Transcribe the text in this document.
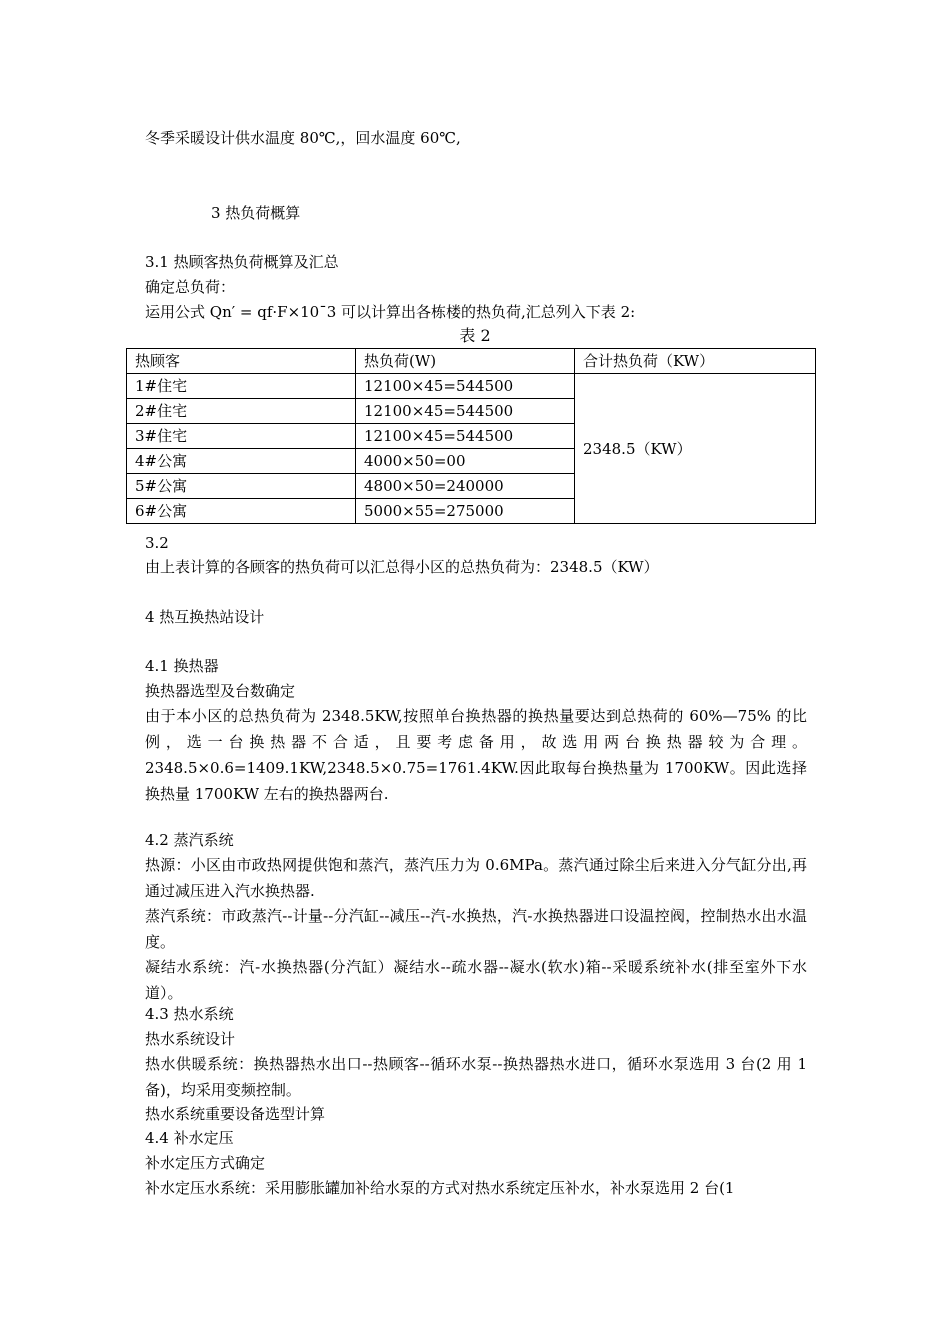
冬季采暖设计供水温度 80℃,，回水温度 60℃,
3 热负荷概算
3.1 热顾客热负荷概算及汇总
确定总负荷：
运用公式 Qn′ = qf·F×10ˉ3 可以计算出各栋楼的热负荷,汇总列入下表 2:
表 2
热顾客	热负荷(W)	合计热负荷（KW）
1#住宅	12100×45=544500	2348.5（KW）
2#住宅	12100×45=544500	
3#住宅	12100×45=544500	
4#公寓	4000×50=00	
5#公寓	4800×50=240000	
6#公寓	5000×55=275000	
3.2
由上表计算的各顾客的热负荷可以汇总得小区的总热负荷为：2348.5（KW）
4 热互换热站设计
4.1 换热器
换热器选型及台数确定
由于本小区的总热负荷为 2348.5KW,按照单台换热器的换热量要达到总热荷的 60%—75% 的比例，选一台换热器不合适，且要考虑备用，故选用两台换热器较为合理。2348.5×0.6=1409.1KW,2348.5×0.75=1761.4KW.因此取每台换热量为 1700KW。因此选择换热量 1700KW 左右的换热器两台.
4.2 蒸汽系统
热源：小区由市政热网提供饱和蒸汽，蒸汽压力为 0.6MPa。蒸汽通过除尘后来进入分气缸分出,再通过减压进入汽水换热器.
蒸汽系统：市政蒸汽--计量--分汽缸--减压--汽-水换热，汽-水换热器进口设温控阀，控制热水出水温度。
凝结水系统：汽-水换热器(分汽缸）凝结水--疏水器--凝水(软水)箱--采暖系统补水(排至室外下水道）。
4.3 热水系统
热水系统设计
热水供暖系统：换热器热水出口--热顾客--循环水泵--换热器热水进口，循环水泵选用 3 台(2 用 1 备)，均采用变频控制。
热水系统重要设备选型计算
4.4 补水定压
补水定压方式确定
补水定压水系统：采用膨胀罐加补给水泵的方式对热水系统定压补水，补水泵选用 2 台(1
